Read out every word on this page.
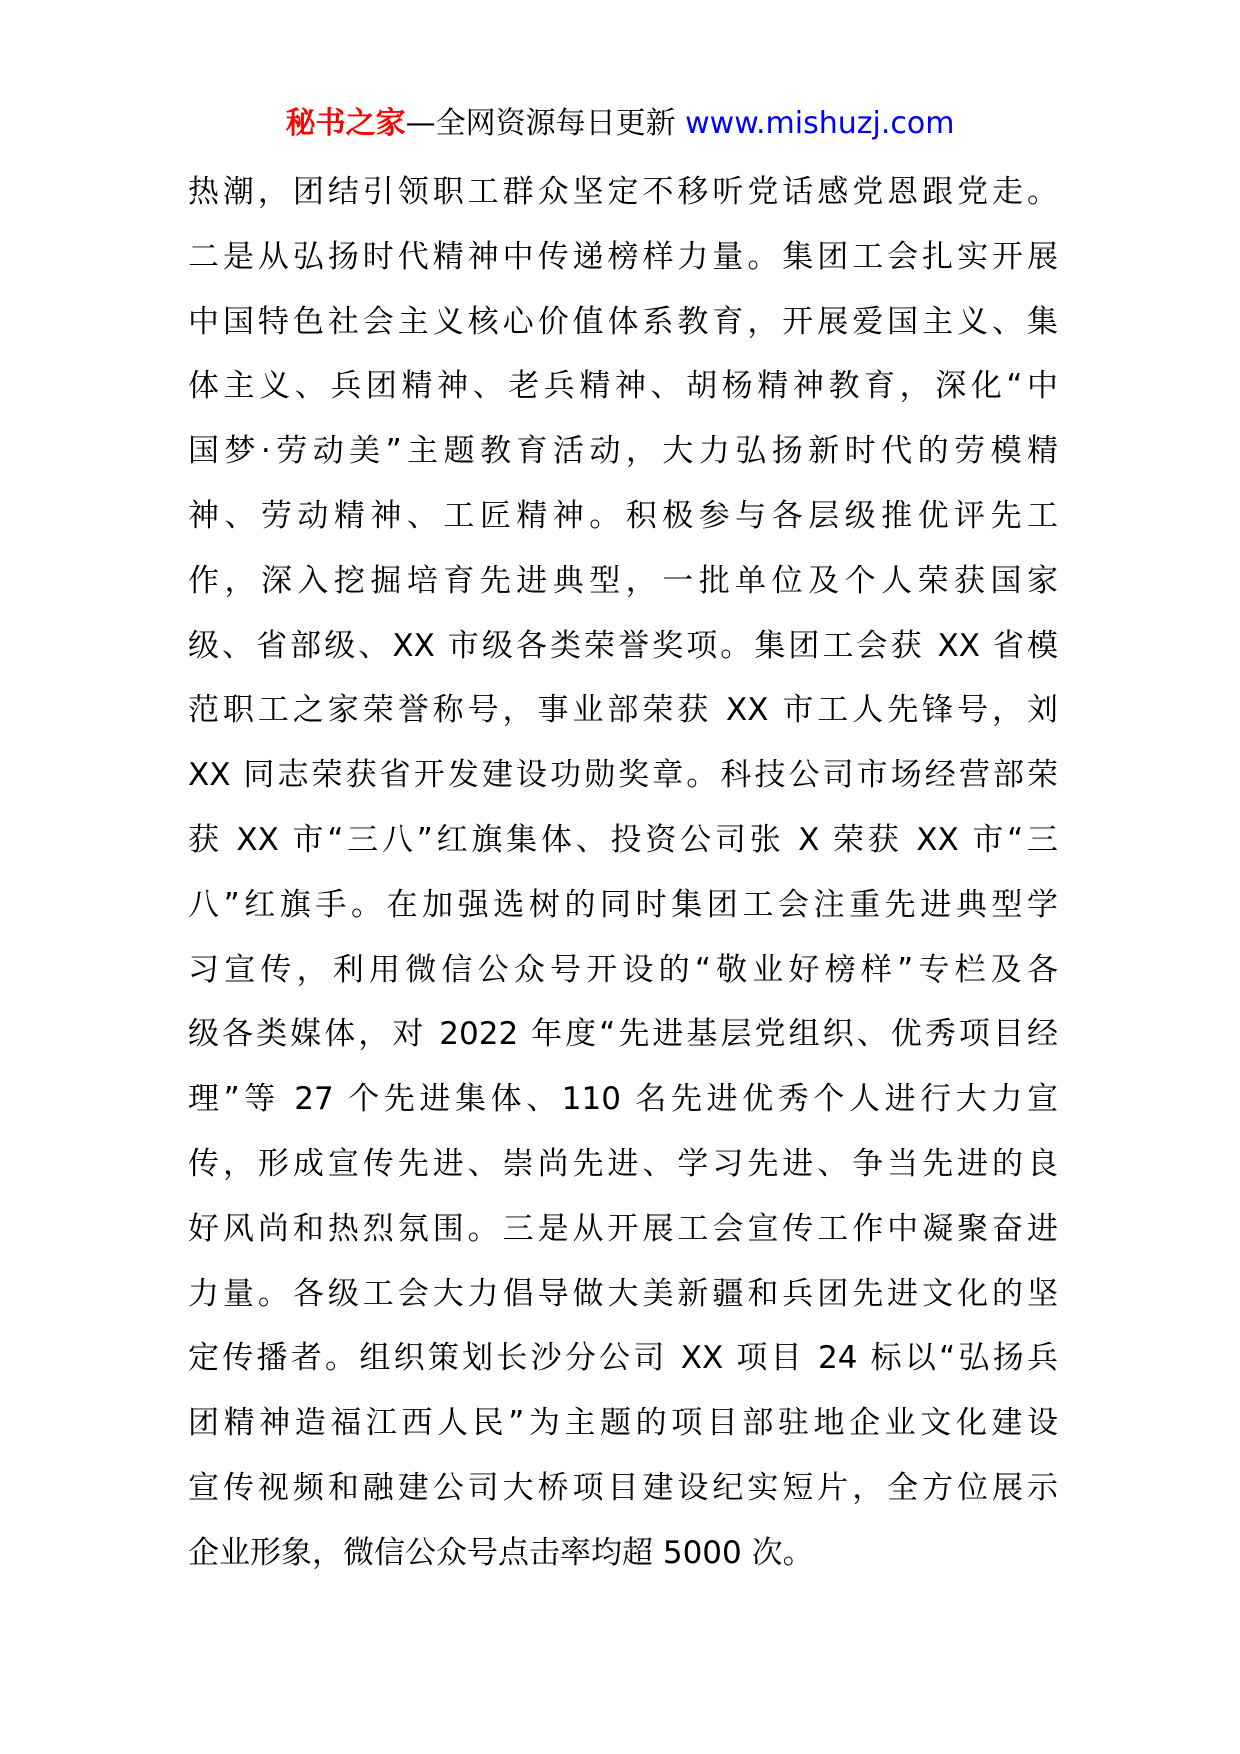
秘书之家—全网资源每日更新 www.mishuzj.com
热潮，团结引领职工群众坚定不移听党话感党恩跟党走。
二是从弘扬时代精神中传递榜样力量。集团工会扎实开展
中国特色社会主义核心价值体系教育，开展爱国主义、集
体主义、兵团精神、老兵精神、胡杨精神教育，深化“中
国梦·劳动美”主题教育活动，大力弘扬新时代的劳模精
神、劳动精神、工匠精神。积极参与各层级推优评先工
作，深入挖掘培育先进典型，一批单位及个人荣获国家
级、省部级、XX 市级各类荣誉奖项。集团工会获 XX 省模
范职工之家荣誉称号，事业部荣获 XX 市工人先锋号，刘
XX 同志荣获省开发建设功勋奖章。科技公司市场经营部荣
获 XX 市“三八”红旗集体、投资公司张 X 荣获 XX 市“三
八”红旗手。在加强选树的同时集团工会注重先进典型学
习宣传，利用微信公众号开设的“敬业好榜样”专栏及各
级各类媒体，对 2022 年度“先进基层党组织、优秀项目经
理”等 27 个先进集体、110 名先进优秀个人进行大力宣
传，形成宣传先进、崇尚先进、学习先进、争当先进的良
好风尚和热烈氛围。三是从开展工会宣传工作中凝聚奋进
力量。各级工会大力倡导做大美新疆和兵团先进文化的坚
定传播者。组织策划长沙分公司 XX 项目 24 标以“弘扬兵
团精神造福江西人民”为主题的项目部驻地企业文化建设
宣传视频和融建公司大桥项目建设纪实短片，全方位展示
企业形象，微信公众号点击率均超 5000 次。
